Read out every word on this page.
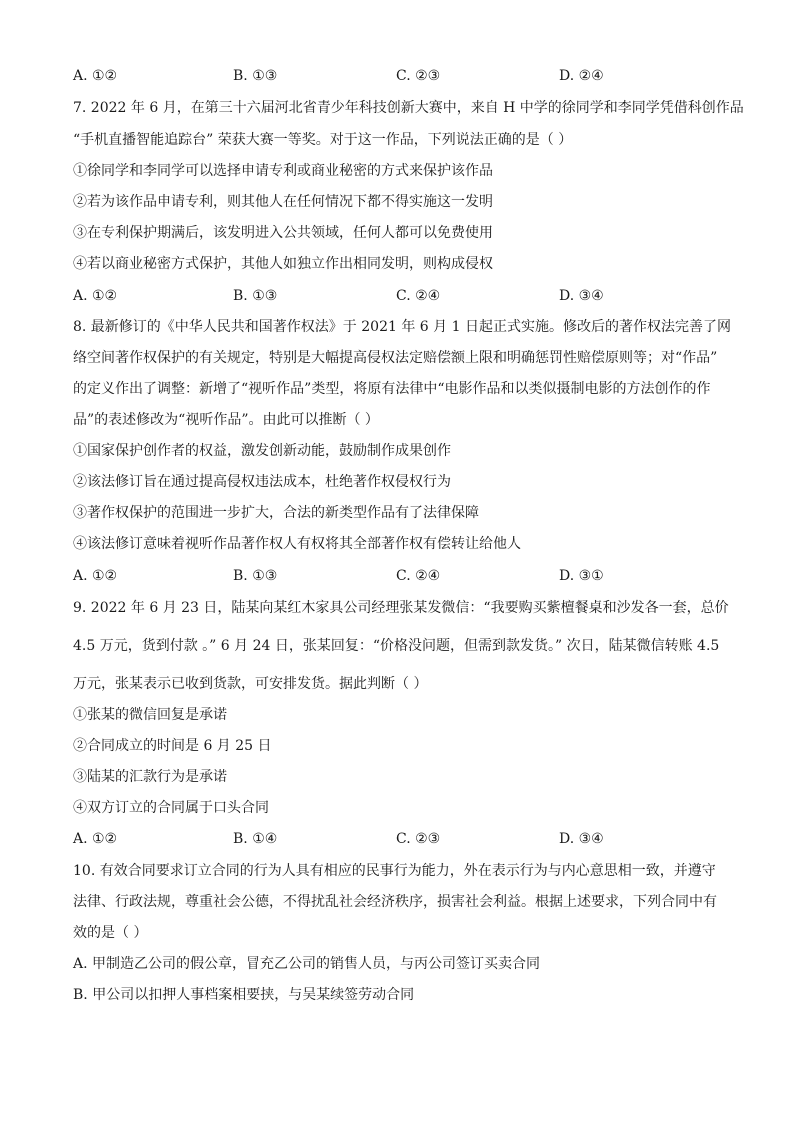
A. ①②	B. ①③	C. ②③	D. ②④
7. 2022 年 6 月，在第三十六届河北省青少年科技创新大赛中，来自 H 中学的徐同学和李同学凭借科创作品
“手机直播智能追踪台” 荣获大赛一等奖。对于这一作品，下列说法正确的是（ ）
①徐同学和李同学可以选择申请专利或商业秘密的方式来保护该作品
②若为该作品申请专利，则其他人在任何情况下都不得实施这一发明
③在专利保护期满后，该发明进入公共领域，任何人都可以免费使用
④若以商业秘密方式保护，其他人如独立作出相同发明，则构成侵权
A. ①②	B. ①③	C. ②④	D. ③④
8. 最新修订的《中华人民共和国著作权法》于 2021 年 6 月 1 日起正式实施。修改后的著作权法完善了网
络空间著作权保护的有关规定，特别是大幅提高侵权法定赔偿额上限和明确惩罚性赔偿原则等；对“作品”
的定义作出了调整：新增了“视听作品”类型，将原有法律中“电影作品和以类似摄制电影的方法创作的作
品”的表述修改为“视听作品”。由此可以推断（ ）
①国家保护创作者的权益，激发创新动能，鼓励制作成果创作
②该法修订旨在通过提高侵权违法成本，杜绝著作权侵权行为
③著作权保护的范围进一步扩大，合法的新类型作品有了法律保障
④该法修订意味着视听作品著作权人有权将其全部著作权有偿转让给他人
A. ①②	B. ①③	C. ②④	D. ③①
9. 2022 年 6 月 23 日，陆某向某红木家具公司经理张某发微信：“我要购买紫檀餐桌和沙发各一套，总价
4.5 万元，货到付款 。” 6 月 24 日，张某回复：“价格没问题，但需到款发货。” 次日，陆某微信转账 4.5
万元，张某表示已收到货款，可安排发货。据此判断（ ）
①张某的微信回复是承诺
②合同成立的时间是 6 月 25 日
③陆某的汇款行为是承诺
④双方订立的合同属于口头合同
A. ①②	B. ①④	C. ②③	D. ③④
10. 有效合同要求订立合同的行为人具有相应的民事行为能力，外在表示行为与内心意思相一致，并遵守
法律、行政法规，尊重社会公德，不得扰乱社会经济秩序，损害社会利益。根据上述要求，下列合同中有
效的是（ ）
A. 甲制造乙公司的假公章，冒充乙公司的销售人员，与丙公司签订买卖合同
B. 甲公司以扣押人事档案相要挟，与吴某续签劳动合同
